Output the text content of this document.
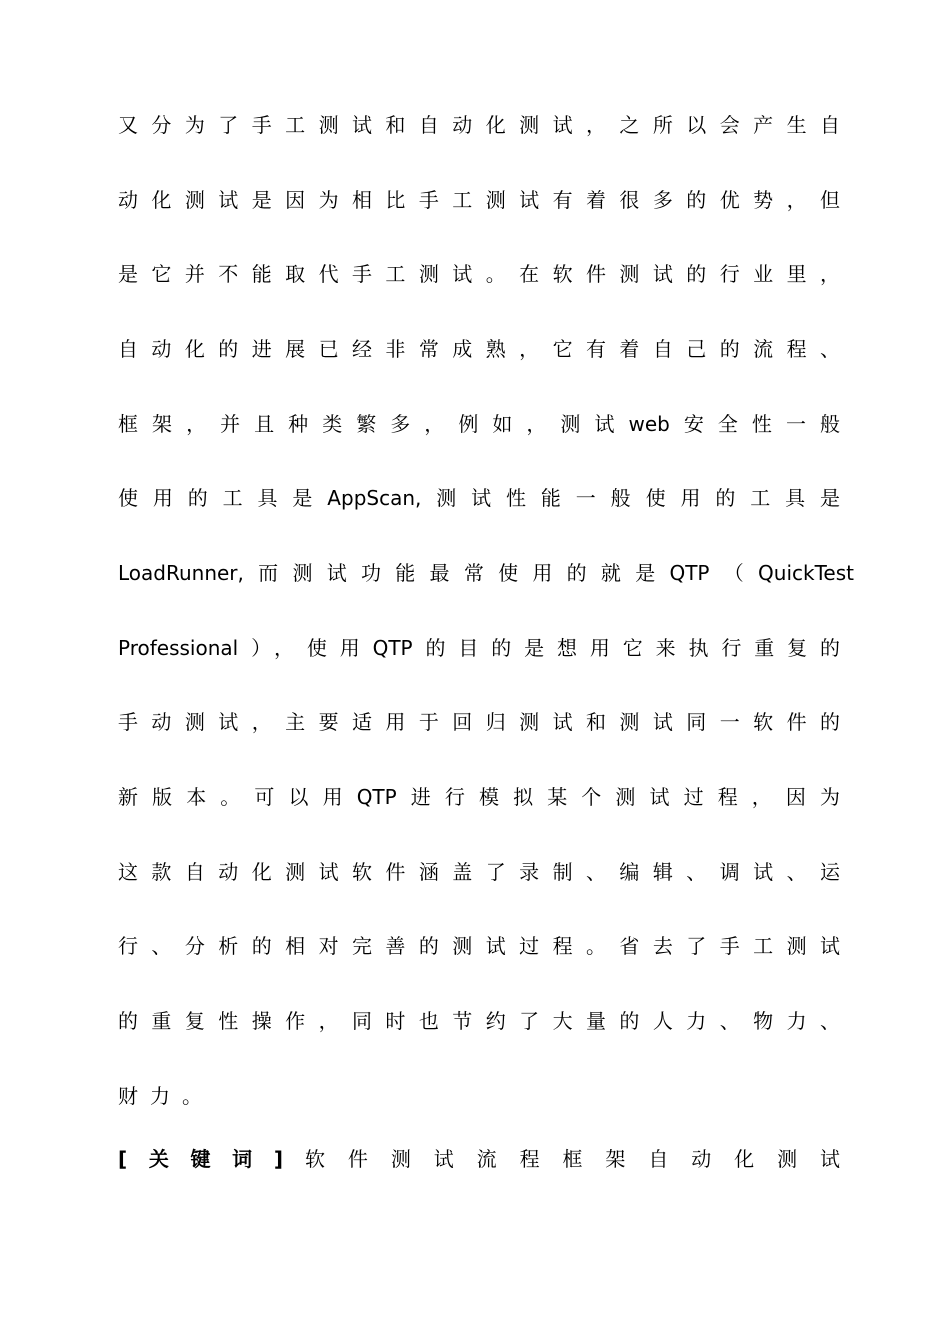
又分为了手工测试和自动化测试，之所以会产生自
动化测试是因为相比手工测试有着很多的优势，但
是它并不能取代手工测试。在软件测试的行业里，
自动化的进展已经非常成熟，它有着自己的流程、
框架，并且种类繁多，例如，测试web安全性一般
使用的工具是AppScan,测试性能一般使用的工具是
LoadRunner,而测试功能最常使用的就是QTP（QuickTest
Professional），使用QTP的目的是想用它来执行重复的
手动测试，主要适用于回归测试和测试同一软件的
新版本。可以用QTP进行模拟某个测试过程，因为
这款自动化测试软件涵盖了录制、编辑、调试、运
行、分析的相对完善的测试过程。省去了手工测试
的重复性操作，同时也节约了大量的人力、物力、
财力。
[ 关 键 词 ] 软件测试流程框架自动化测试
